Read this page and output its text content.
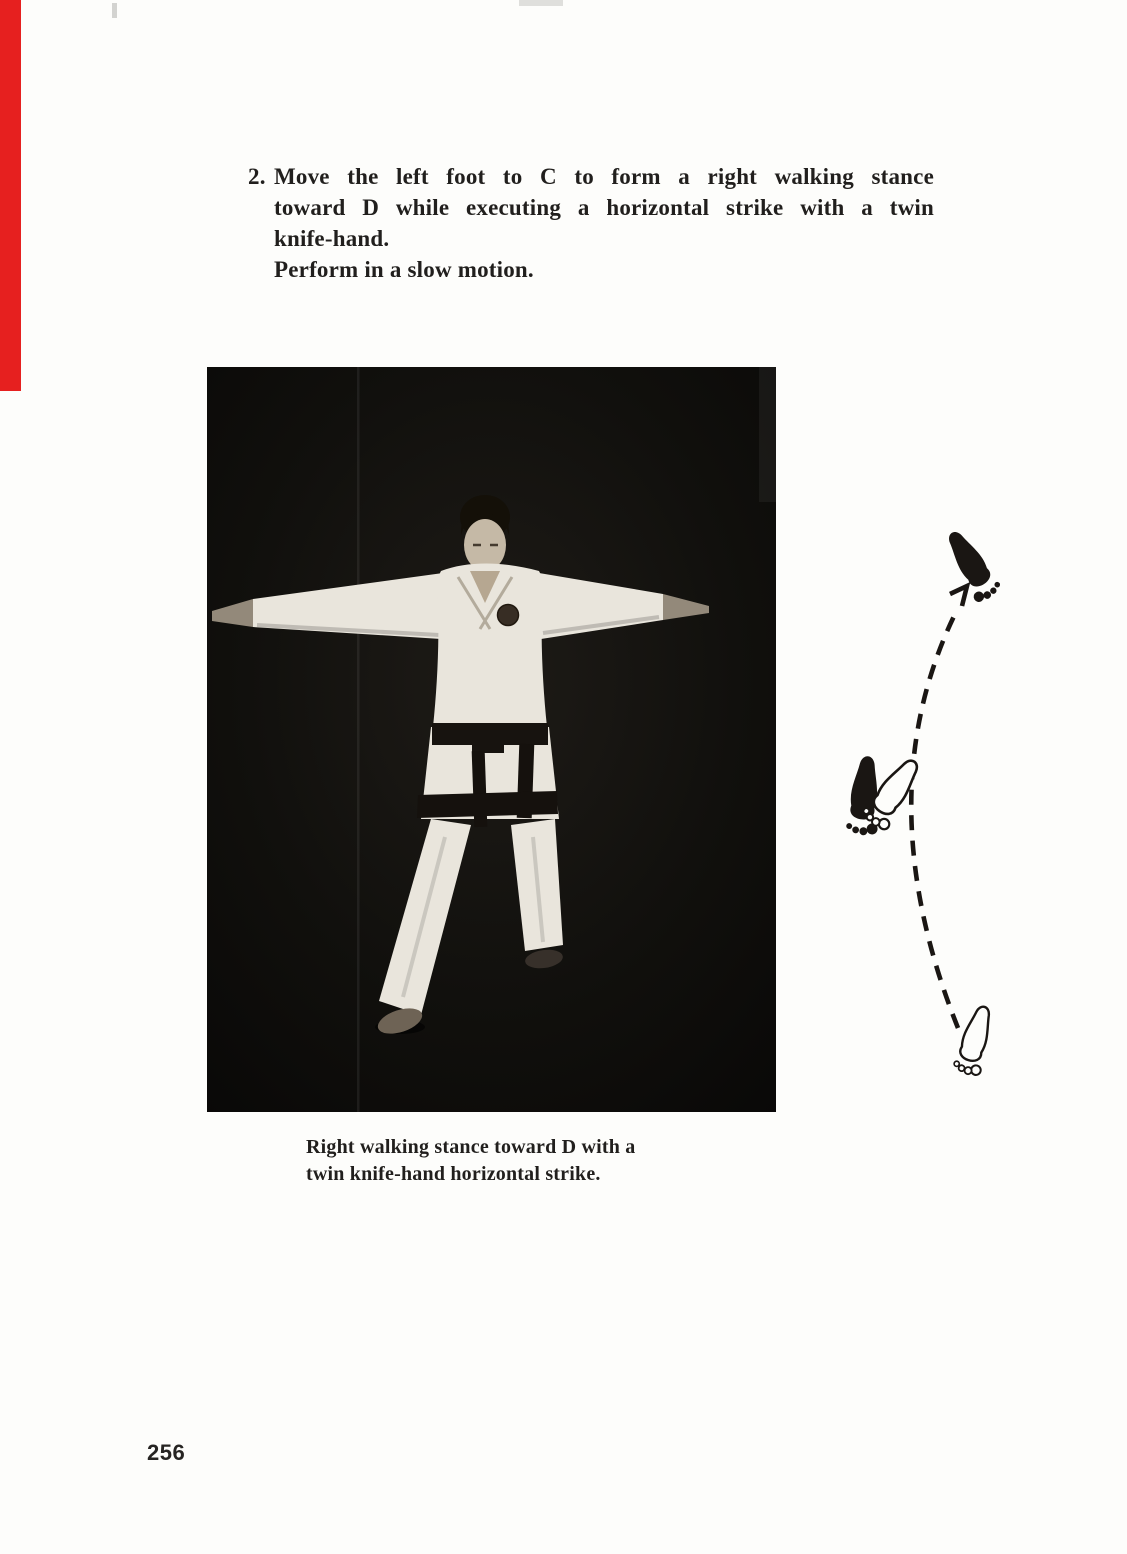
2. Move the left foot to C to form a right walking stance
toward D while executing a horizontal strike with a twin
knife-hand.
Perform in a slow motion.
Right walking stance toward D with a
twin knife-hand horizontal strike.
256
